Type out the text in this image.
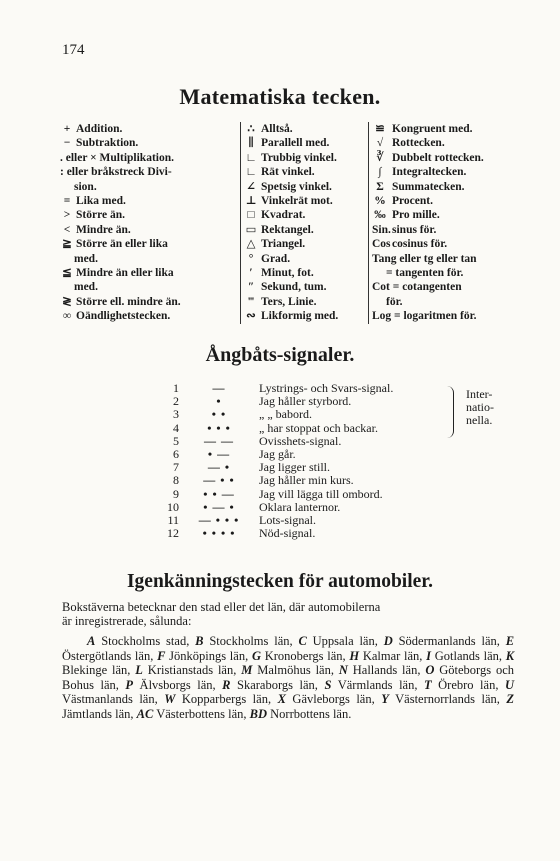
174
Matematiska tecken.
+ Addition.
− Subtraktion.
. eller × Multiplikation.
: eller bråkstreck Divi-
sion.
= Lika med.
> Större än.
< Mindre än.
≧ Större än eller lika
med.
≦ Mindre än eller lika
med.
≷ Större ell. mindre än.
∞ Oändlighetstecken.
∴ Alltså.
∥ Parallell med.
∟ Trubbig vinkel.
∟ Rät vinkel.
∠ Spetsig vinkel.
⊥ Vinkelrät mot.
□ Kvadrat.
▭ Rektangel.
△ Triangel.
° Grad.
′ Minut, fot.
″ Sekund, tum.
‴ Ters, Linie.
∾ Likformig med.
≌ Kongruent med.
√ Rottecken.
∛ Dubbelt rottecken.
∫ Integraltecken.
Σ Summatecken.
% Procent.
‰ Pro mille.
Sin. sinus för.
Cos cosinus för.
Tang eller tg eller tan
= tangenten för.
Cot = cotangenten
för.
Log = logaritmen för.
Ångbåts-signaler.
1	—	Lystrings- och Svars-signal.
2	•	Jag håller styrbord.
3	• •	„ „ babord.
4	• • •	„ har stoppat och backar.
5	— —	Ovisshets-signal.
6	• —	Jag går.
7	— •	Jag ligger still.
8	— • •	Jag håller min kurs.
9	• • —	Jag vill lägga till ombord.
10	• — •	Oklara lanternor.
11	— • • •	Lots-signal.
12	• • • •	Nöd-signal.
Inter-
natio-
nella.
Igenkänningstecken för automobiler.
Bokstäverna betecknar den stad eller det län, där automobilerna
är inregistrerade, sålunda:
  A Stockholms stad, B Stockholms län, C Uppsala län, D Södermanlands län, E Östergötlands län, F Jönköpings län, G Kronobergs län, H Kalmar län, I Gotlands län, K Blekinge län, L Kristianstads län, M Malmöhus län, N Hallands län, O Göteborgs och Bohus län, P Älvsborgs län, R Skaraborgs län, S Värmlands län, T Örebro län, U Västmanlands län, W Kopparbergs län, X Gävleborgs län, Y Västernorrlands län, Z Jämtlands län, AC Västerbottens län, BD Norrbottens län.
